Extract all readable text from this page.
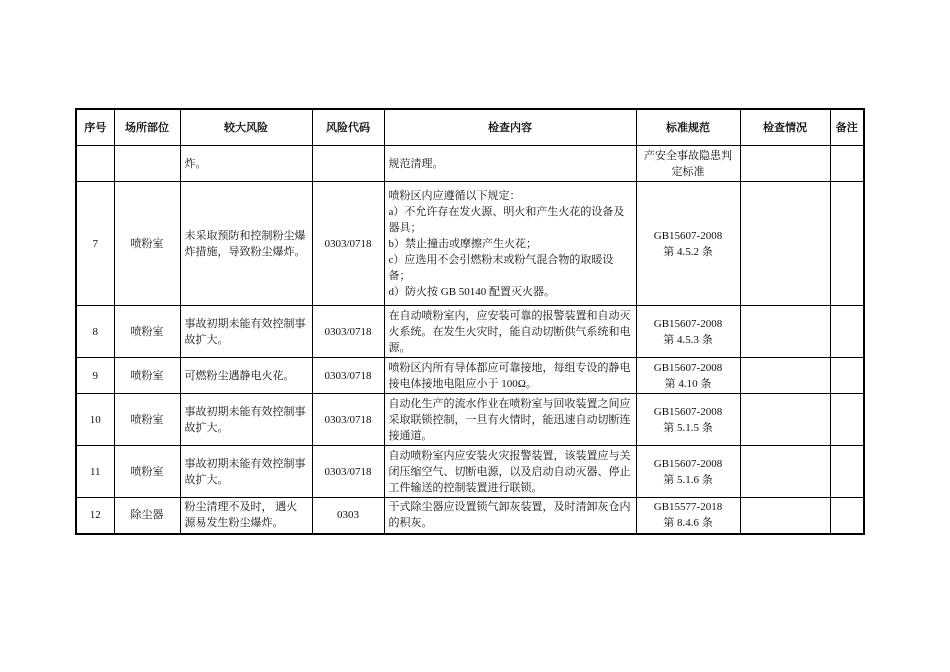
序号	场所部位	较大风险	风险代码	检查内容	标准规范	检查情况	备注
		炸。		规范清理。	产安全事故隐患判定标准		
7	喷粉室	未采取预防和控制粉尘爆炸措施，导致粉尘爆炸。	0303/0718	喷粉区内应遵循以下规定：
a）不允许存在发火源、明火和产生火花的设备及器具；
b）禁止撞击或摩擦产生火花；
c）应选用不会引燃粉末或粉气混合物的取暖设备；
d）防火按 GB 50140 配置灭火器。	GB15607-2008
第 4.5.2 条		

8	喷粉室	事故初期未能有效控制事故扩大。	0303/0718	在自动喷粉室内，应安装可靠的报警装置和自动灭火系统。在发生火灾时，能自动切断供气系统和电源。	GB15607-2008
第 4.5.3 条		

9	喷粉室	可燃粉尘遇静电火花。	0303/0718	喷粉区内所有导体都应可靠接地，每组专设的静电接电体接地电阻应小于 100Ω。	GB15607-2008
第 4.10 条		

10	喷粉室	事故初期未能有效控制事故扩大。	0303/0718	自动化生产的流水作业在喷粉室与回收装置之间应采取联锁控制，一旦有火情时，能迅速自动切断连接通道。	GB15607-2008
第 5.1.5 条		

11	喷粉室	事故初期未能有效控制事故扩大。	0303/0718	自动喷粉室内应安装火灾报警装置，该装置应与关闭压缩空气、切断电源，以及启动自动灭器、停止工件输送的控制装置进行联锁。	GB15607-2008
第 5.1.6 条		

12	除尘器	粉尘清理不及时， 遇火源易发生粉尘爆炸。	0303	干式除尘器应设置锁气卸灰装置，及时清卸灰仓内的积灰。	GB15577-2018
第 8.4.6 条		
